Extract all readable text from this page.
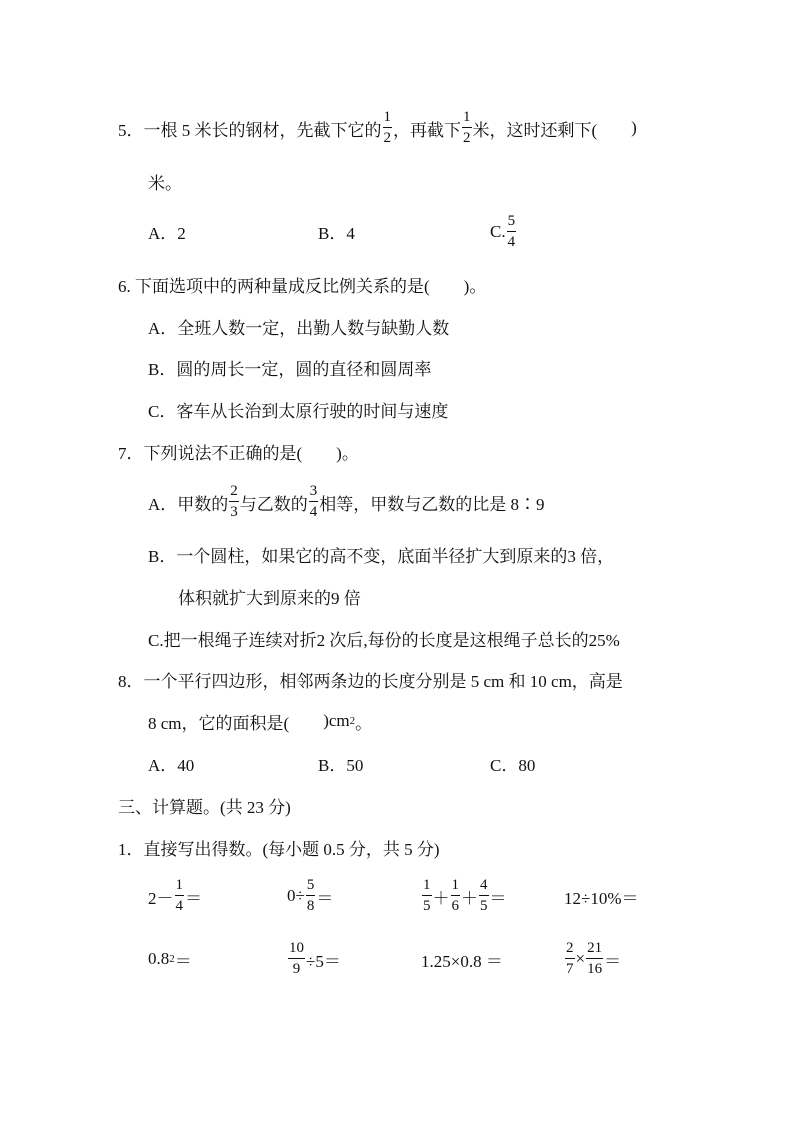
5． 一根 5 米长的钢材，先截下它的 $\frac{1}{2}$ ，再截下 $\frac{1}{2}$ 米，这时还剩下( )
米。
A．2	B．4	C. $\frac{5}{4}$
6. 下面选项中的两种量成反比例关系的是( )。
A．全班人数一定，出勤人数与缺勤人数
B．圆的周长一定，圆的直径和圆周率
C．客车从长治到太原行驶的时间与速度
7．下列说法不正确的是( )。
A．甲数的 $\frac{2}{3}$ 与乙数的 $\frac{3}{4}$ 相等，甲数与乙数的比是 8∶9
B．一个圆柱，如果它的高不变，底面半径扩大到原来的3 倍，
体积就扩大到原来的9 倍
C.把一根绳子连续对折2 次后,每份的长度是这根绳子总长的25%
8．一个平行四边形，相邻两条边的长度分别是 5 cm 和 10 cm，高是
8 cm，它的面积是( )cm 2 。
A．40	B．50	C．80
三、计算题。(共 23 分)
1．直接写出得数。(每小题 0.5 分，共 5 分)
$2- \frac{1}{4}$ ＝	$0\div \frac{5}{8}$ ＝	$\frac{1}{5} + \frac{1}{6} + \frac{4}{5}$ ＝	12÷10%＝
0.8 2 ＝	$\frac{10}{9} \div 5=$	1.25×0.8 ＝	$\frac{2}{7} \times \frac{21}{16}$ ＝
